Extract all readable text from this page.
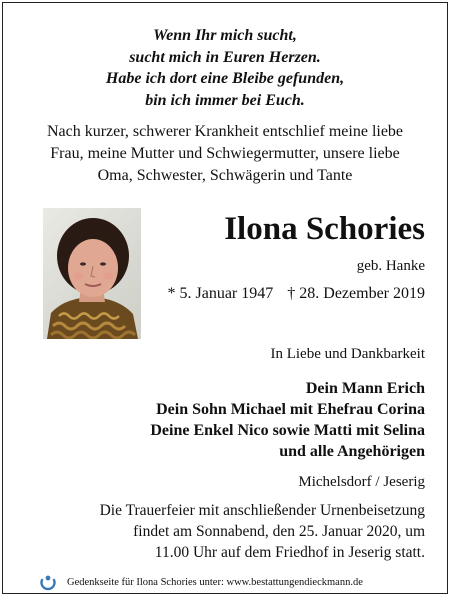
Wenn Ihr mich sucht,
sucht mich in Euren Herzen.
Habe ich dort eine Bleibe gefunden,
bin ich immer bei Euch.
Nach kurzer, schwerer Krankheit entschlief meine liebe
Frau, meine Mutter und Schwiegermutter, unsere liebe
Oma, Schwester, Schwägerin und Tante
Ilona Schories
geb. Hanke
* 5. Januar 1947 † 28. Dezember 2019
In Liebe und Dankbarkeit
Dein Mann Erich
Dein Sohn Michael mit Ehefrau Corina
Deine Enkel Nico sowie Matti mit Selina
und alle Angehörigen
Michelsdorf / Jeserig
Die Trauerfeier mit anschließender Urnenbeisetzung
findet am Sonnabend, den 25. Januar 2020, um
11.00 Uhr auf dem Friedhof in Jeserig statt.
Gedenkseite für Ilona Schories unter: www.bestattungendieckmann.de
